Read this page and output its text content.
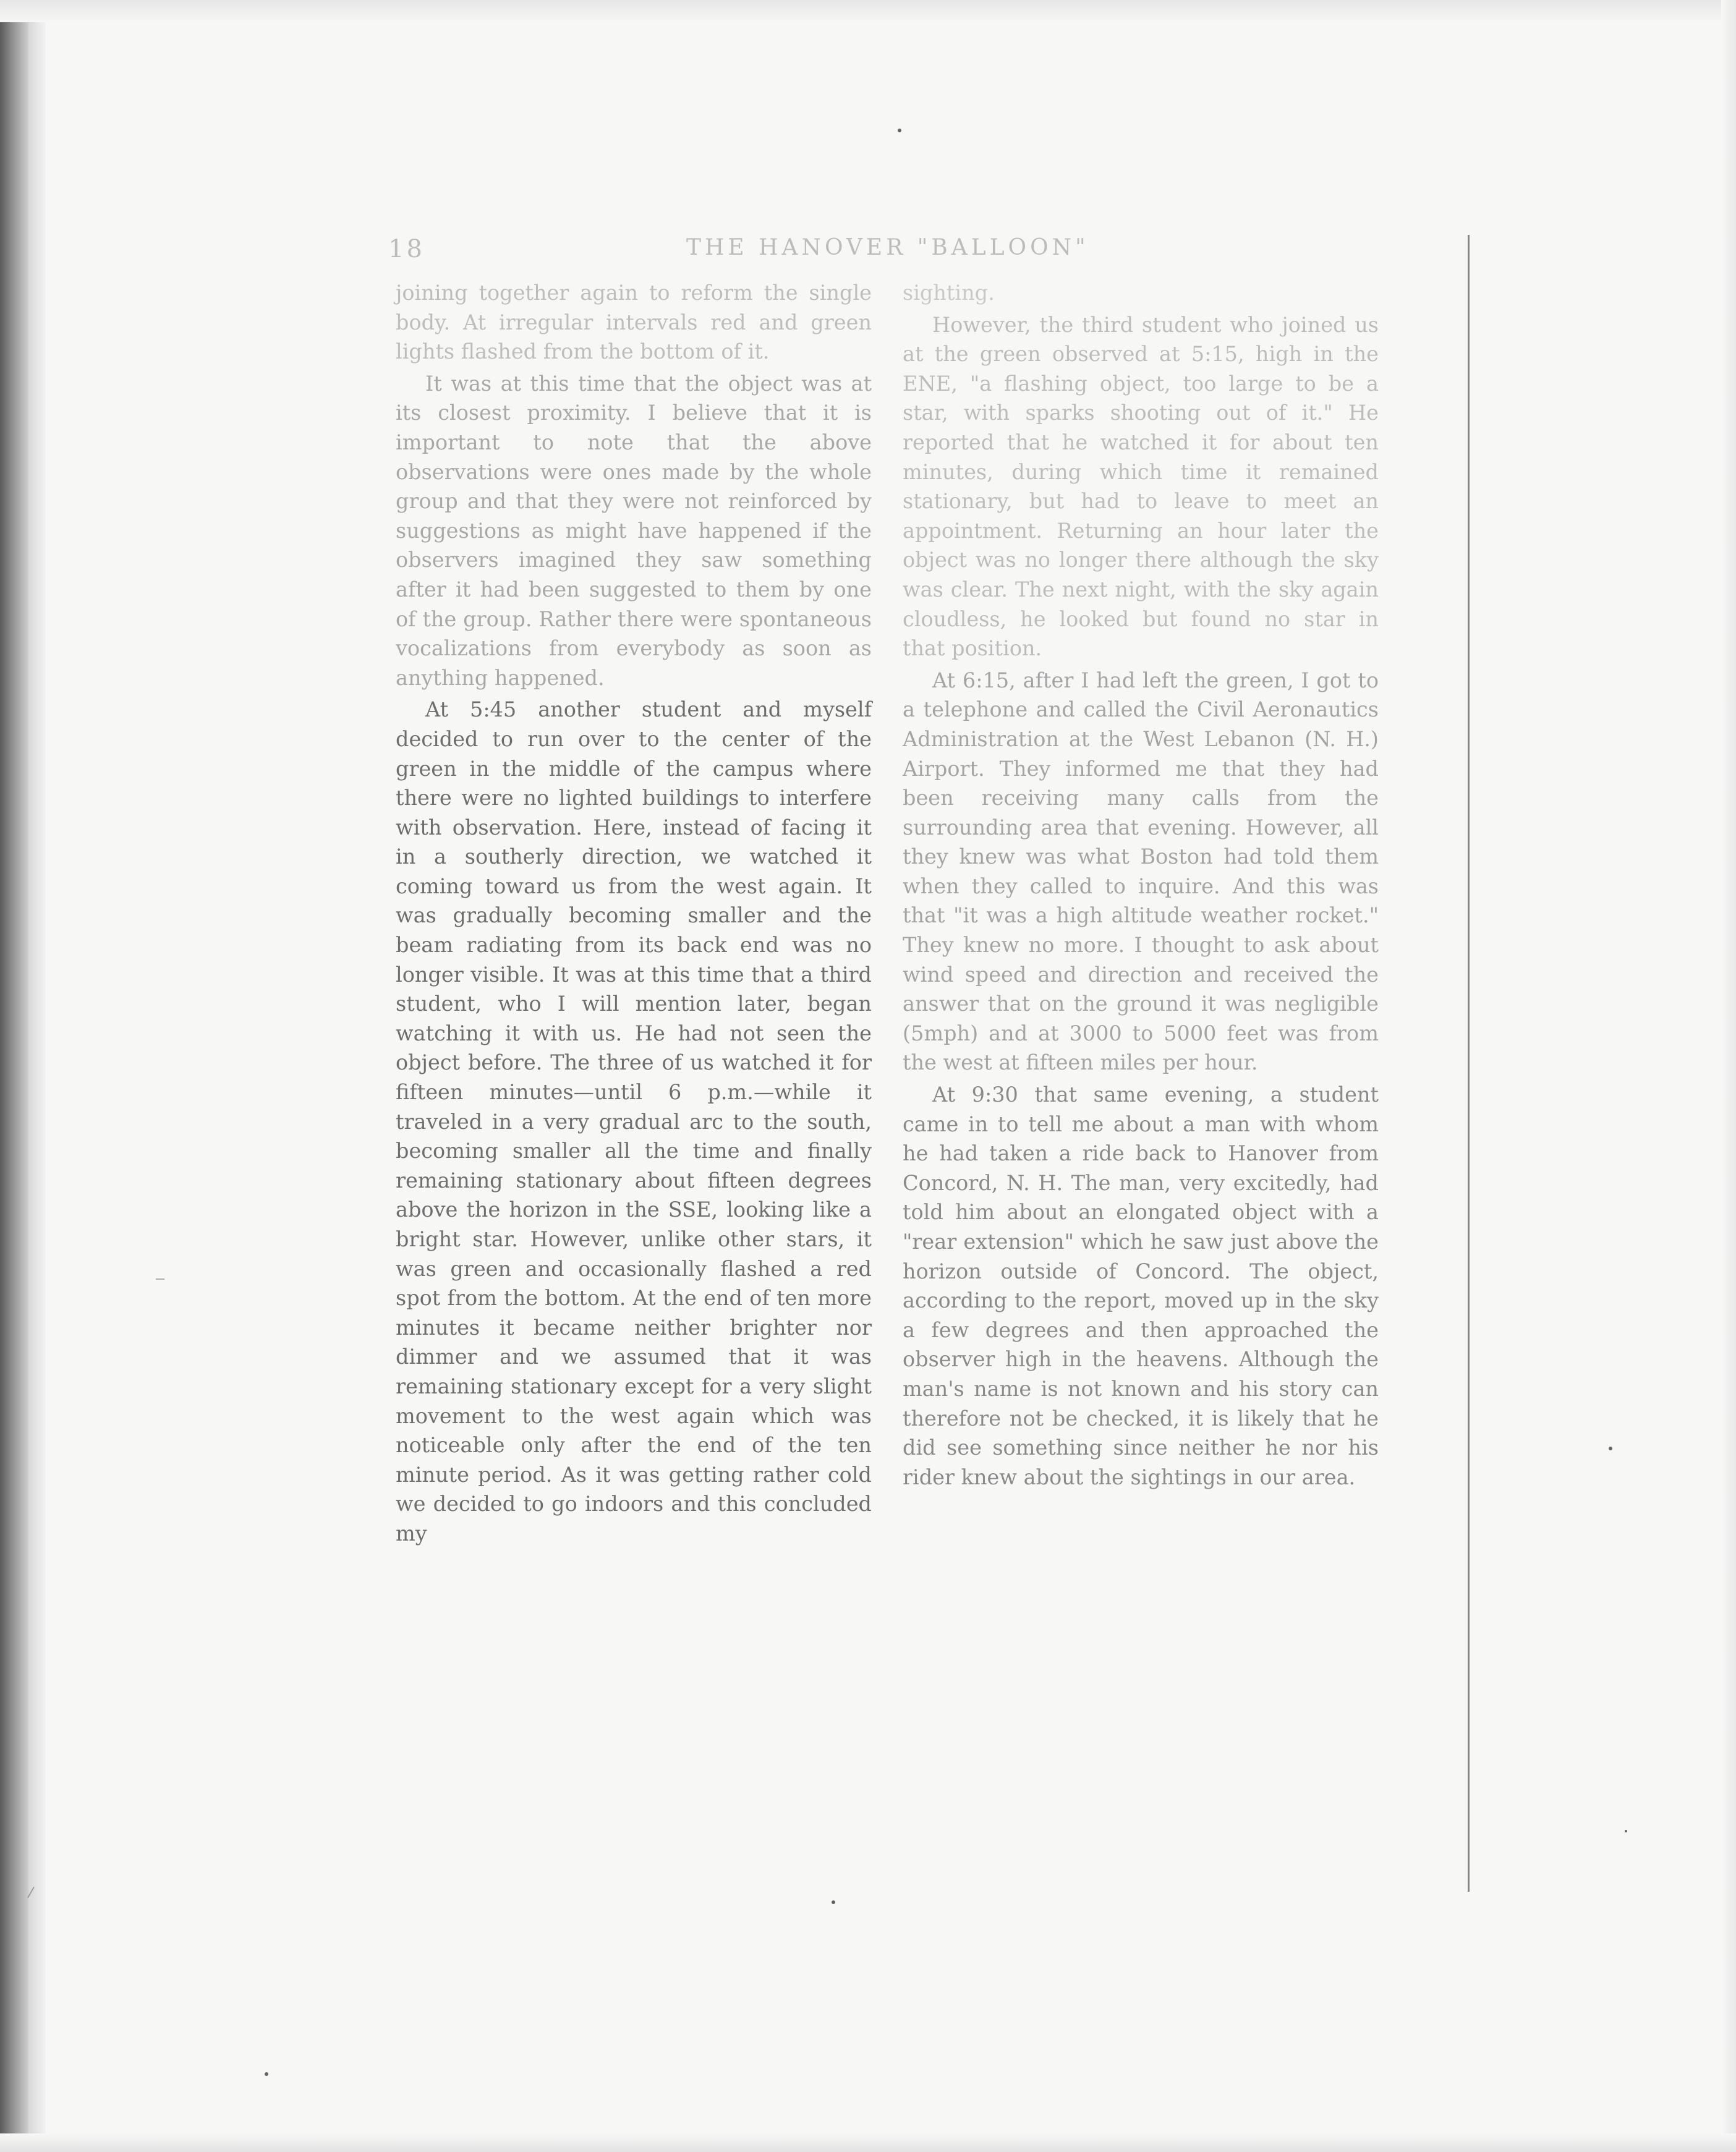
18	THE HANOVER "BALLOON"

joining together again to reform the single body. At irregular intervals red and green lights flashed from the bottom of it.

It was at this time that the object was at its closest proximity. I believe that it is important to note that the above observations were ones made by the whole group and that they were not reinforced by suggestions as might have happened if the observers imagined they saw something after it had been suggested to them by one of the group. Rather there were spontaneous vocalizations from everybody as soon as anything happened.

At 5:45 another student and myself decided to run over to the center of the green in the middle of the campus where there were no lighted buildings to interfere with observation. Here, instead of facing it in a southerly direction, we watched it coming toward us from the west again. It was gradually becoming smaller and the beam radiating from its back end was no longer visible. It was at this time that a third student, who I will mention later, began watching it with us. He had not seen the object before. The three of us watched it for fifteen minutes—until 6 p.m.—while it traveled in a very gradual arc to the south, becoming smaller all the time and finally remaining stationary about fifteen degrees above the horizon in the SSE, looking like a bright star. However, unlike other stars, it was green and occasionally flashed a red spot from the bottom. At the end of ten more minutes it became neither brighter nor dimmer and we assumed that it was remaining stationary except for a very slight movement to the west again which was noticeable only after the end of the ten minute period. As it was getting rather cold we decided to go indoors and this concluded my

sighting.

However, the third student who joined us at the green observed at 5:15, high in the ENE, "a flashing object, too large to be a star, with sparks shooting out of it." He reported that he watched it for about ten minutes, during which time it remained stationary, but had to leave to meet an appointment. Returning an hour later the object was no longer there although the sky was clear. The next night, with the sky again cloudless, he looked but found no star in that position.

At 6:15, after I had left the green, I got to a telephone and called the Civil Aeronautics Administration at the West Lebanon (N. H.) Airport. They informed me that they had been receiving many calls from the surrounding area that evening. However, all they knew was what Boston had told them when they called to inquire. And this was that "it was a high altitude weather rocket." They knew no more. I thought to ask about wind speed and direction and received the answer that on the ground it was negligible (5mph) and at 3000 to 5000 feet was from the west at fifteen miles per hour.

At 9:30 that same evening, a student came in to tell me about a man with whom he had taken a ride back to Hanover from Concord, N. H. The man, very excitedly, had told him about an elongated object with a "rear extension" which he saw just above the horizon outside of Concord. The object, according to the report, moved up in the sky a few degrees and then approached the observer high in the heavens. Although the man's name is not known and his story can therefore not be checked, it is likely that he did see something since neither he nor his rider knew about the sightings in our area.
